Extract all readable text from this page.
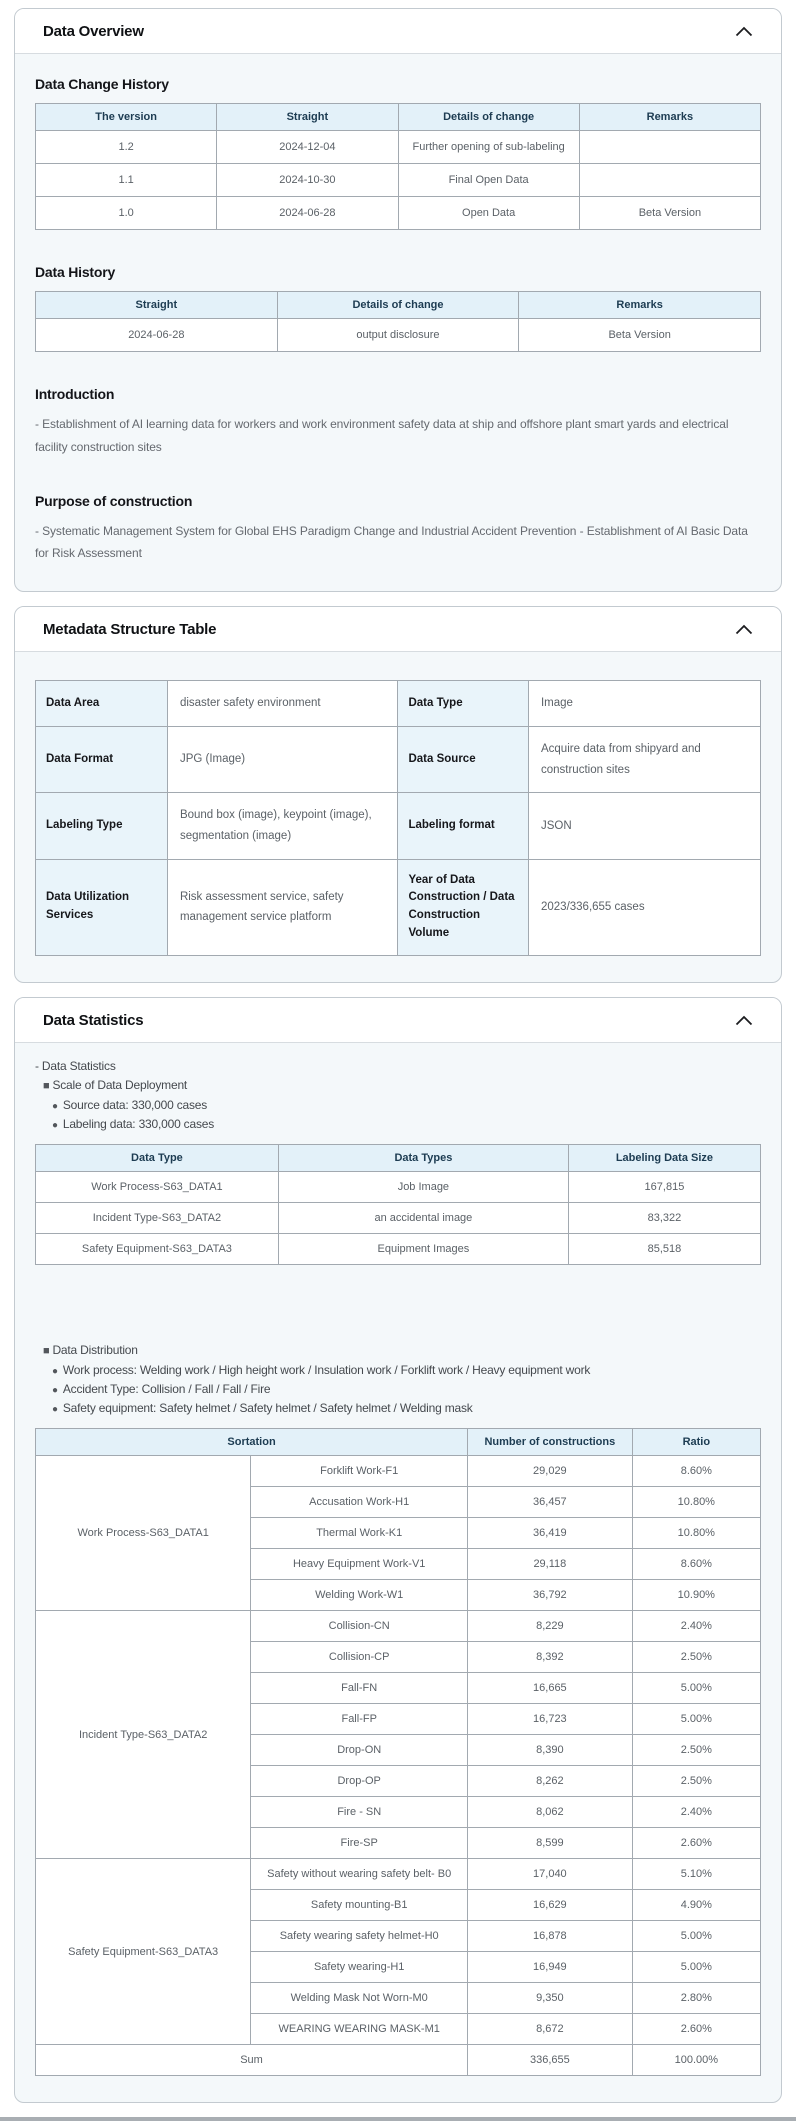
Data Overview
Data Change History
The version	Straight	Details of change	Remarks
1.2	2024-12-04	Further opening of sub-labeling	
1.1	2024-10-30	Final Open Data	
1.0	2024-06-28	Open Data	Beta Version
Data History
Straight	Details of change	Remarks
2024-06-28	output disclosure	Beta Version
Introduction

- Establishment of AI learning data for workers and work environment safety data at ship and offshore plant smart yards and electrical facility construction sites

Purpose of construction

- Systematic Management System for Global EHS Paradigm Change and Industrial Accident Prevention - Establishment of AI Basic Data for Risk Assessment

Metadata Structure Table
Data Area	disaster safety environment	Data Type	Image
Data Format	JPG (Image)	Data Source	Acquire data from shipyard and construction sites
Labeling Type	Bound box (image), keypoint (image), segmentation (image)	Labeling format	JSON
Data Utilization Services	Risk assessment service, safety management service platform	Year of Data Construction / Data Construction Volume	2023/336,655 cases
Data Statistics
- Data Statistics
■ Scale of Data Deployment
● Source data: 330,000 cases
● Labeling data: 330,000 cases
Data Type	Data Types	Labeling Data Size
Work Process-S63_DATA1	Job Image	167,815
Incident Type-S63_DATA2	an accidental image	83,322
Safety Equipment-S63_DATA3	Equipment Images	85,518
■ Data Distribution
● Work process: Welding work / High height work / Insulation work / Forklift work / Heavy equipment work
● Accident Type: Collision / Fall / Fall / Fire
● Safety equipment: Safety helmet / Safety helmet / Safety helmet / Welding mask
Sortation		Number of constructions	Ratio
Work Process-S63_DATA1	Forklift Work-F1	29,029	8.60%
	Accusation Work-H1	36,457	10.80%
	Thermal Work-K1	36,419	10.80%
	Heavy Equipment Work-V1	29,118	8.60%
	Welding Work-W1	36,792	10.90%
Incident Type-S63_DATA2	Collision-CN	8,229	2.40%
	Collision-CP	8,392	2.50%
	Fall-FN	16,665	5.00%
	Fall-FP	16,723	5.00%
	Drop-ON	8,390	2.50%
	Drop-OP	8,262	2.50%
	Fire - SN	8,062	2.40%
	Fire-SP	8,599	2.60%
Safety Equipment-S63_DATA3	Safety without wearing safety belt- B0	17,040	5.10%
	Safety mounting-B1	16,629	4.90%
	Safety wearing safety helmet-H0	16,878	5.00%
	Safety wearing-H1	16,949	5.00%
	Welding Mask Not Worn-M0	9,350	2.80%
	WEARING WEARING MASK-M1	8,672	2.60%
Sum		336,655	100.00%
